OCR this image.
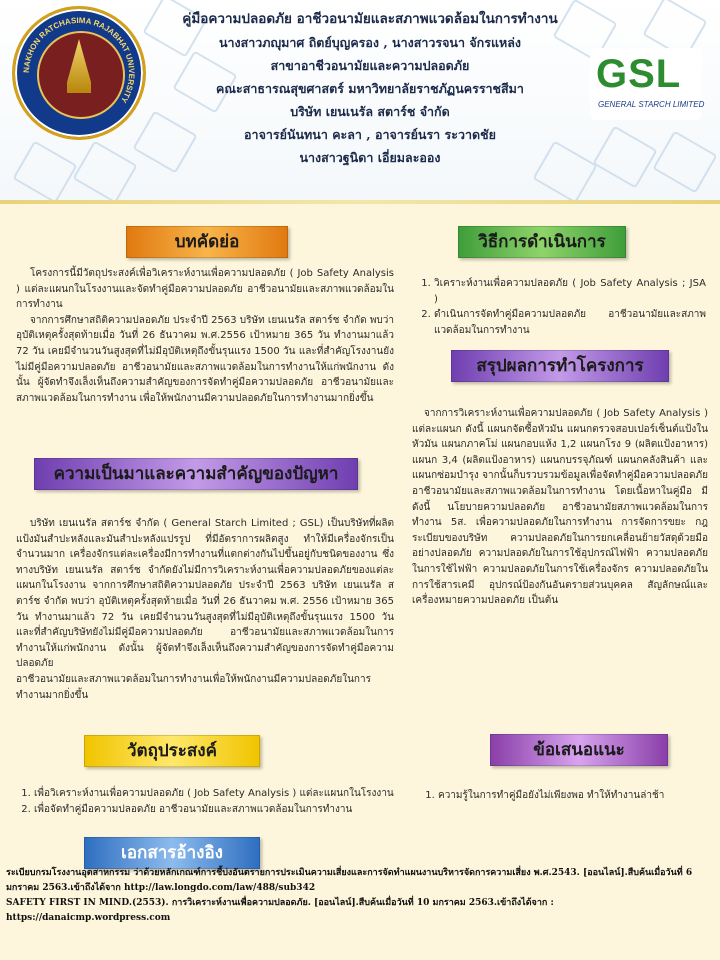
NAKHON RATCHASIMA RAJABHAT UNIVERSITY
คู่มือความปลอดภัย อาชีวอนามัยและสภาพแวดล้อมในการทำงาน
นางสาวภญุมาศ ถิตย์บุญครอง , นางสาวรจนา จักรแหล่ง
สาขาอาชีวอนามัยและความปลอดภัย
คณะสาธารณสุขศาสตร์ มหาวิทยาลัยราชภัฏนครราชสีมา
บริษัท เยนเนรัล สตาร์ช จำกัด
อาจารย์นันทนา คะลา , อาจารย์นรา ระวาดชัย
นางสาวฐนิดา เอี่ยมละออง
GSL
GENERAL STARCH LIMITED
บทคัดย่อ

โครงการนี้มีวัตถุประสงค์เพื่อวิเคราะห์งานเพื่อความปลอดภัย ( Job Safety Analysis ) แต่ละแผนกในโรงงานและจัดทำคู่มือความปลอดภัย อาชีวอนามัยและสภาพแวดล้อมในการทำงาน

จากการศึกษาสถิติความปลอดภัย ประจำปี 2563 บริษัท เยนเนรัล สตาร์ช จำกัด พบว่า อุบัติเหตุครั้งสุดท้ายเมื่อ วันที่ 26 ธันวาคม พ.ศ.2556 เป้าหมาย 365 วัน ทำงานมาแล้ว 72 วัน เคยมีจำนวนวันสูงสุดที่ไม่มีอุบัติเหตุถึงขั้นรุนแรง 1500 วัน และที่สำคัญโรงงานยังไม่มีคู่มือความปลอดภัย อาชีวอนามัยและสภาพแวดล้อมในการทำงานให้แก่พนักงาน ดังนั้น ผู้จัดทำจึงเล็งเห็นถึงความสำคัญของการจัดทำคู่มือความปลอดภัย อาชีวอนามัยและสภาพแวดล้อมในการทำงาน เพื่อให้พนักงานมีความปลอดภัยในการทำงานมากยิ่งขึ้น

ความเป็นมาและความสำคัญของปัญหา

บริษัท เยนเนรัล สตาร์ช จำกัด ( General Starch Limited ; GSL) เป็นบริษัทที่ผลิตแป้งมันสำปะหลังและมันสำปะหลังแปรรูป ที่มีอัตราการผลิตสูง ทำให้มีเครื่องจักรเป็นจำนวนมาก เครื่องจักรแต่ละเครื่องมีการทำงานที่แตกต่างกันไปขึ้นอยู่กับชนิดของงาน ซึ่งทางบริษัท เยนเนรัล สตาร์ช จำกัดยังไม่มีการวิเคราะห์งานเพื่อความปลอดภัยของแต่ละแผนกในโรงงาน จากการศึกษาสถิติความปลอดภัย ประจำปี 2563 บริษัท เยนเนรัล สตาร์ช จำกัด พบว่า อุบัติเหตุครั้งสุดท้ายเมื่อ วันที่ 26 ธันวาคม พ.ศ. 2556 เป้าหมาย 365 วัน ทำงานมาแล้ว 72 วัน เคยมีจำนวนวันสูงสุดที่ไม่มีอุบัติเหตุถึงขั้นรุนแรง 1500 วัน และที่สำคัญบริษัทยังไม่มีคู่มือความปลอดภัย อาชีวอนามัยและสภาพแวดล้อมในการทำงานให้แก่พนักงาน ดังนั้น ผู้จัดทำจึงเล็งเห็นถึงความสำคัญของการจัดทำคู่มือความปลอดภัย

อาชีวอนามัยและสภาพแวดล้อมในการทำงานเพื่อให้พนักงานมีความปลอดภัยในการทำงานมากยิ่งขึ้น

วัตถุประสงค์
1. เพื่อวิเคราะห์งานเพื่อความปลอดภัย ( Job Safety Analysis ) แต่ละแผนกในโรงงาน
2. เพื่อจัดทำคู่มือความปลอดภัย อาชีวอนามัยและสภาพแวดล้อมในการทำงาน
เอกสารอ้างอิง
วิธีการดำเนินการ
1. วิเคราะห์งานเพื่อความปลอดภัย ( Job Safety Analysis ; JSA )
2. ดำเนินการจัดทำคู่มือความปลอดภัย อาชีวอนามัยและสภาพแวดล้อมในการทำงาน
สรุปผลการทำโครงการ

จากการวิเคราะห์งานเพื่อความปลอดภัย ( Job Safety Analysis ) แต่ละแผนก ดังนี้ แผนกจัดซื้อหัวมัน แผนกตรวจสอบเปอร์เซ็นต์แป้งในหัวมัน แผนกภาคโม่ แผนกอบแห้ง 1,2 แผนกโรง 9 (ผลิตแป้งอาหาร) แผนก 3,4 (ผลิตแป้งอาหาร) แผนกบรรจุภัณฑ์ แผนกคลังสินค้า และแผนกซ่อมบำรุง จากนั้นก็บรวบรวมข้อมูลเพื่อจัดทำคู่มือความปลอดภัย อาชีวอนามัยและสภาพแวดล้อมในการทำงาน โดยเนื้อหาในคู่มือ มีดังนี้ นโยบายความปลอดภัย อาชีวอนามัยสภาพแวดล้อมในการทำงาน 5ส. เพื่อความปลอดภัยในการทำงาน การจัดการขยะ กฎระเบียบของบริษัท ความปลอดภัยในการยกเคลื่อนย้ายวัสดุด้วยมืออย่างปลอดภัย ความปลอดภัยในการใช้อุปกรณ์ไฟฟ้า ความปลอดภัยในการใช้ไฟฟ้า ความปลอดภัยในการใช้เครื่องจักร ความปลอดภัยในการใช้สารเคมี อุปกรณ์ป้องกันอันตรายส่วนบุคคล สัญลักษณ์และเครื่องหมายความปลอดภัย เป็นต้น

ข้อเสนอแนะ
1. ความรู้ในการทำคู่มือยังไม่เพียงพอ ทำให้ทำงานล่าช้า

ระเบียบกรมโรงงานอุตสาหกรรม ว่าด้วยหลักเกณฑ์การชี้บ่งอันตรายการประเมินความเสี่ยงและการจัดทำแผนงานบริหารจัดการความเสี่ยง พ.ศ.2543. [ออนไลน์].สืบค้นเมื่อวันที่ 6 มกราคม 2563.เข้าถึงได้จาก http://law.longdo.com/law/488/sub342

SAFETY FIRST IN MIND.(2553). การวิเคราะห์งานเพื่อความปลอดภัย. [ออนไลน์].สืบค้นเมื่อวันที่ 10 มกราคม 2563.เข้าถึงได้จาก : https://danaicmp.wordpress.com
